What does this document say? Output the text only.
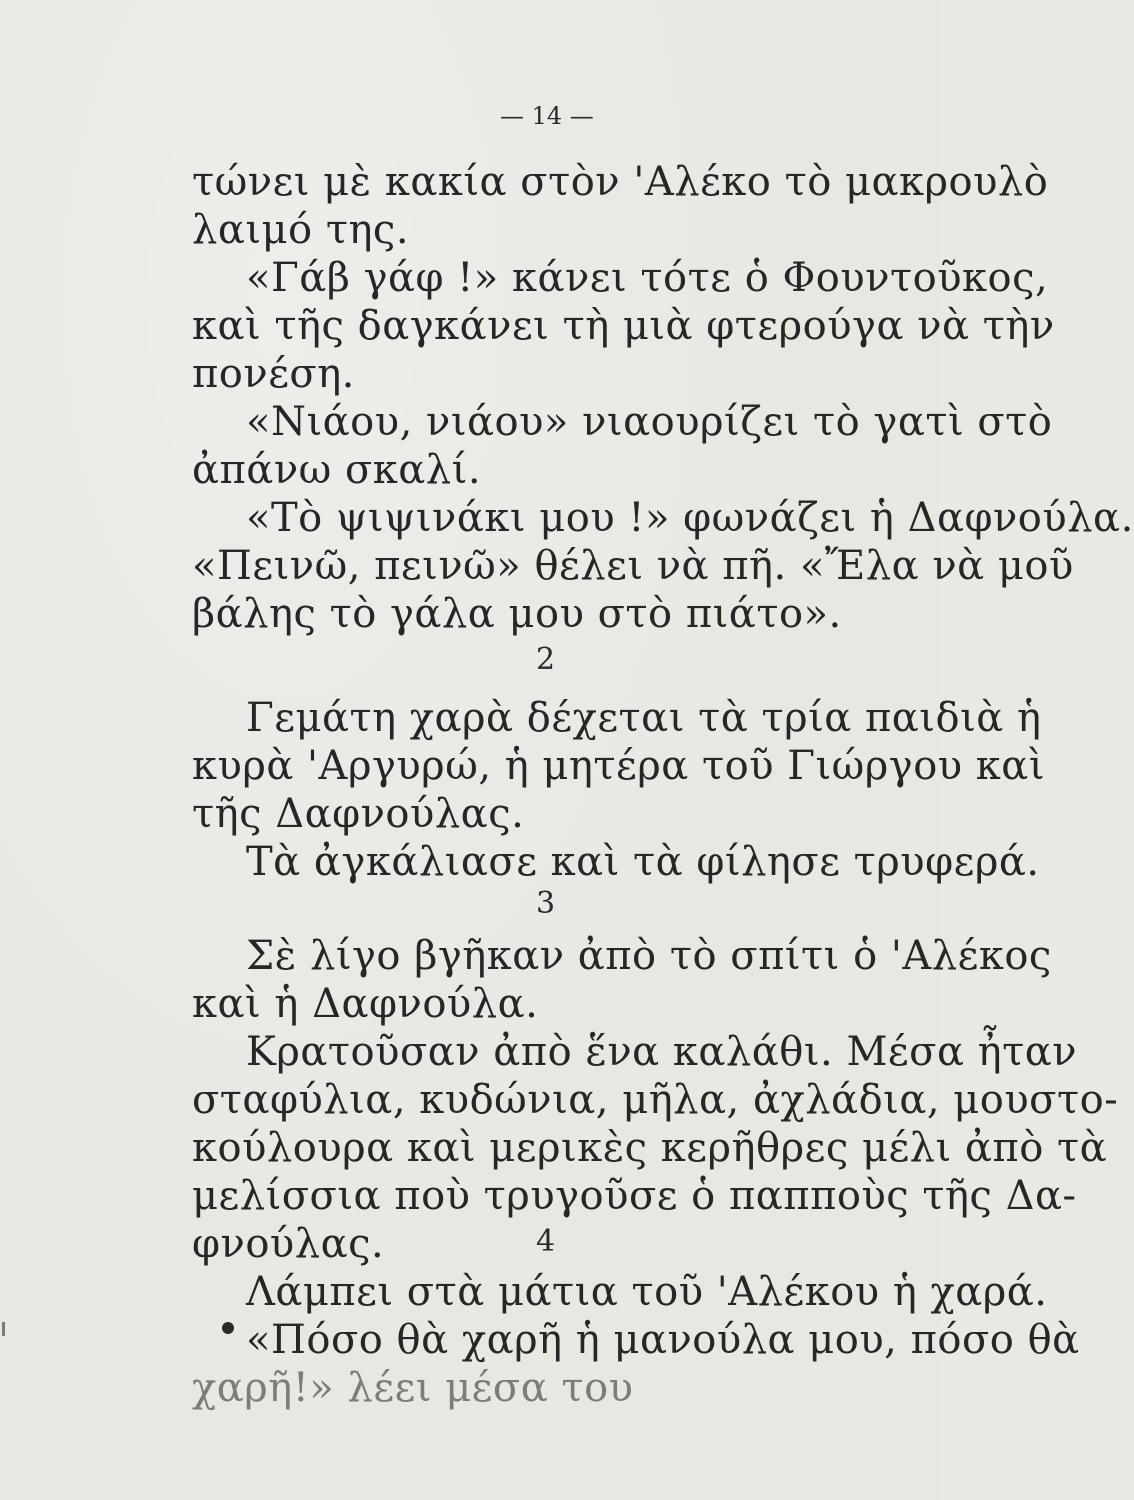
— 14 —
τώνει μὲ κακία στὸν 'Αλέκο τὸ μακρουλὸ
λαιμό της.
«Γάβ γάφ !» κάνει τότε ὁ Φουντοῦκος,
καὶ τῆς δαγκάνει τὴ μιὰ φτερούγα νὰ τὴν
πονέση.
«Νιάου, νιάου» νιαουρίζει τὸ γατὶ στὸ
ἀπάνω σκαλί.
«Τὸ ψιψινάκι μου !» φωνάζει ἡ Δαφνούλα.
«Πεινῶ, πεινῶ» θέλει νὰ πῆ. «Ἔλα νὰ μοῦ
βάλης τὸ γάλα μου στὸ πιάτο».
2
Γεμάτη χαρὰ δέχεται τὰ τρία παιδιὰ ἡ
κυρὰ 'Αργυρώ, ἡ μητέρα τοῦ Γιώργου καὶ
τῆς Δαφνούλας.
Τὰ ἀγκάλιασε καὶ τὰ φίλησε τρυφερά.
3
Σὲ λίγο βγῆκαν ἀπὸ τὸ σπίτι ὁ 'Αλέκος
καὶ ἡ Δαφνούλα.
Κρατοῦσαν ἀπὸ ἕνα καλάθι. Μέσα ἦταν
σταφύλια, κυδώνια, μῆλα, ἀχλάδια, μουστο-
κούλουρα καὶ μερικὲς κερῆθρες μέλι ἀπὸ τὰ
μελίσσια ποὺ τρυγοῦσε ὁ παπποὺς τῆς Δα-
φνούλας.	4
Λάμπει στὰ μάτια τοῦ 'Αλέκου ἡ χαρά.
«Πόσο θὰ χαρῆ ἡ μανούλα μου, πόσο θὰ
χαρῆ!» λέει μέσα του
